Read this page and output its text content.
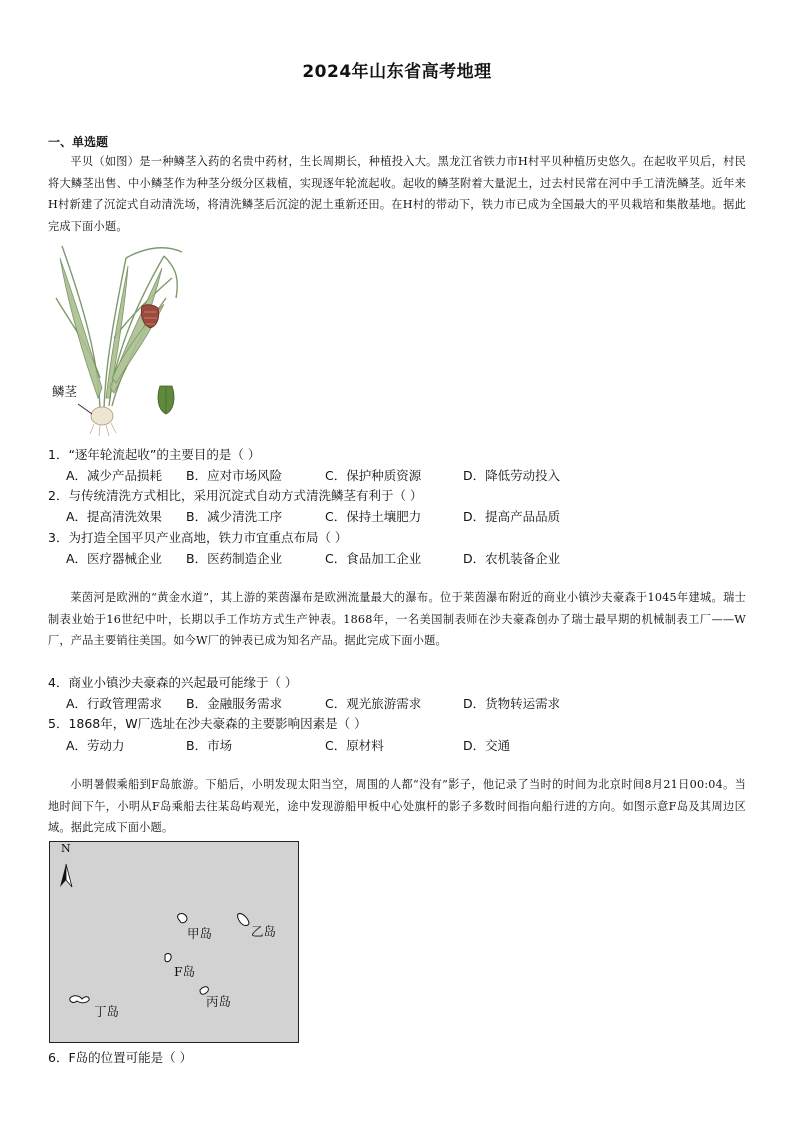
2024年山东省高考地理
一、单选题
平贝（如图）是一种鳞茎入药的名贵中药材，生长周期长，种植投入大。黑龙江省铁力市H村平贝种植历史悠久。在起收平贝后，村民将大鳞茎出售、中小鳞茎作为种茎分级分区栽植，实现逐年轮流起收。起收的鳞茎附着大量泥土，过去村民常在河中手工清洗鳞茎。近年来H村新建了沉淀式自动清洗场，将清洗鳞茎后沉淀的泥土重新还田。在H村的带动下，铁力市已成为全国最大的平贝栽培和集散基地。据此完成下面小题。
鳞茎
1．“逐年轮流起收”的主要目的是（ ）
A．减少产品损耗 B．应对市场风险	C．保护种质资源	D．降低劳动投入
2．与传统清洗方式相比，采用沉淀式自动方式清洗鳞茎有利于（ ）
A．提高清洗效果 B．减少清洗工序	C．保持土壤肥力	D．提高产品品质
3．为打造全国平贝产业高地，铁力市宜重点布局（ ）
A．医疗器械企业 B．医药制造企业	C．食品加工企业	D．农机装备企业
莱茵河是欧洲的“黄金水道”，其上游的莱茵瀑布是欧洲流量最大的瀑布。位于莱茵瀑布附近的商业小镇沙夫豪森于1045年建城。瑞士制表业始于16世纪中叶，长期以手工作坊方式生产钟表。1868年，一名美国制表师在沙夫豪森创办了瑞士最早期的机械制表工厂——W厂，产品主要销往美国。如今W厂的钟表已成为知名产品。据此完成下面小题。
4．商业小镇沙夫豪森的兴起最可能缘于（ ）
A．行政管理需求 B．金融服务需求	C．观光旅游需求	D．货物转运需求
5．1868年，W厂选址在沙夫豪森的主要影响因素是（ ）
A．劳动力	B．市场	C．原材料	D．交通
小明暑假乘船到F岛旅游。下船后，小明发现太阳当空，周围的人都“没有”影子，他记录了当时的时间为北京时间8月21日00:04。当地时间下午，小明从F岛乘船去往某岛屿观光，途中发现游船甲板中心处旗杆的影子多数时间指向船行进的方向。如图示意F岛及其周边区域。据此完成下面小题。
N
甲岛	乙岛
F岛
丙岛
丁岛
6．F岛的位置可能是（ ）
